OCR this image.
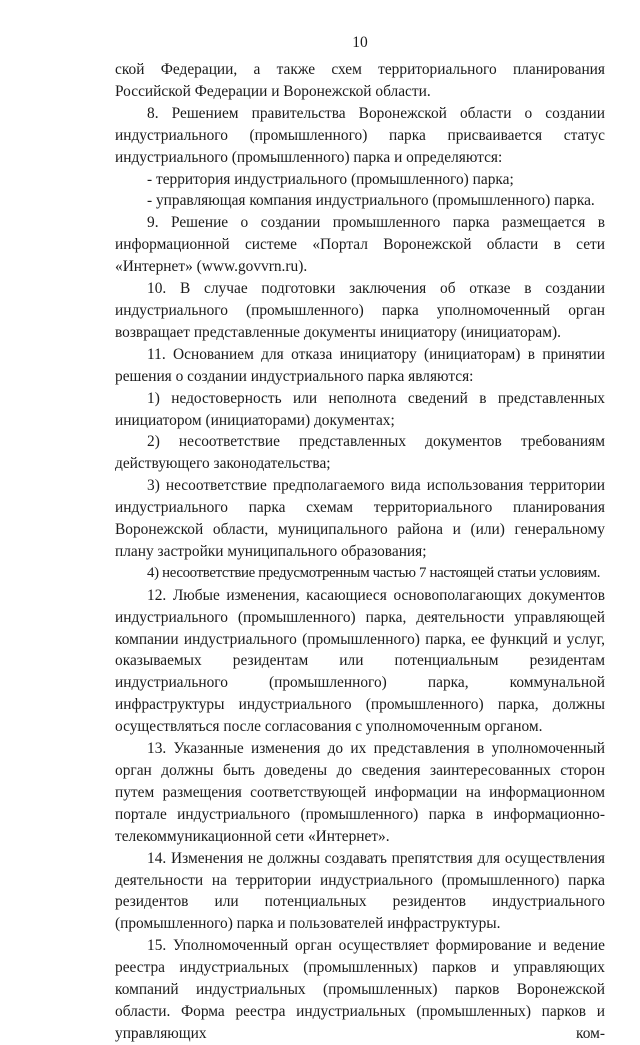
10

ской Федерации, а также схем территориального планирования Российской Федерации и Воронежской области.

8. Решением правительства Воронежской области о создании индустриального (промышленного) парка присваивается статус индустриального (промышленного) парка и определяются:

- территория индустриального (промышленного) парка;

- управляющая компания индустриального (промышленного) парка.

9. Решение о создании промышленного парка размещается в информационной системе «Портал Воронежской области в сети «Интернет» (www.govvrn.ru).

10. В случае подготовки заключения об отказе в создании индустриального (промышленного) парка уполномоченный орган возвращает представленные документы инициатору (инициаторам).

11. Основанием для отказа инициатору (инициаторам) в принятии решения о создании индустриального парка являются:

1) недостоверность или неполнота сведений в представленных инициатором (инициаторами) документах;

2) несоответствие представленных документов требованиям действующего законодательства;

3) несоответствие предполагаемого вида использования территории индустриального парка схемам территориального планирования Воронежской области, муниципального района и (или) генеральному плану застройки муниципального образования;

4) несоответствие предусмотренным частью 7 настоящей статьи условиям.

12. Любые изменения, касающиеся основополагающих документов индустриального (промышленного) парка, деятельности управляющей компании индустриального (промышленного) парка, ее функций и услуг, оказываемых резидентам или потенциальным резидентам индустриального (промышленного) парка, коммунальной инфраструктуры индустриального (промышленного) парка, должны осуществляться после согласования с уполномоченным органом.

13. Указанные изменения до их представления в уполномоченный орган должны быть доведены до сведения заинтересованных сторон путем размещения соответствующей информации на информационном портале индустриального (промышленного) парка в информационно-телекоммуникационной сети «Интернет».

14. Изменения не должны создавать препятствия для осуществления деятельности на территории индустриального (промышленного) парка резидентов или потенциальных резидентов индустриального (промышленного) парка и пользователей инфраструктуры.

15. Уполномоченный орган осуществляет формирование и ведение реестра индустриальных (промышленных) парков и управляющих компаний индустриальных (промышленных) парков Воронежской области. Форма реестра индустриальных (промышленных) парков и управляющих ком-
